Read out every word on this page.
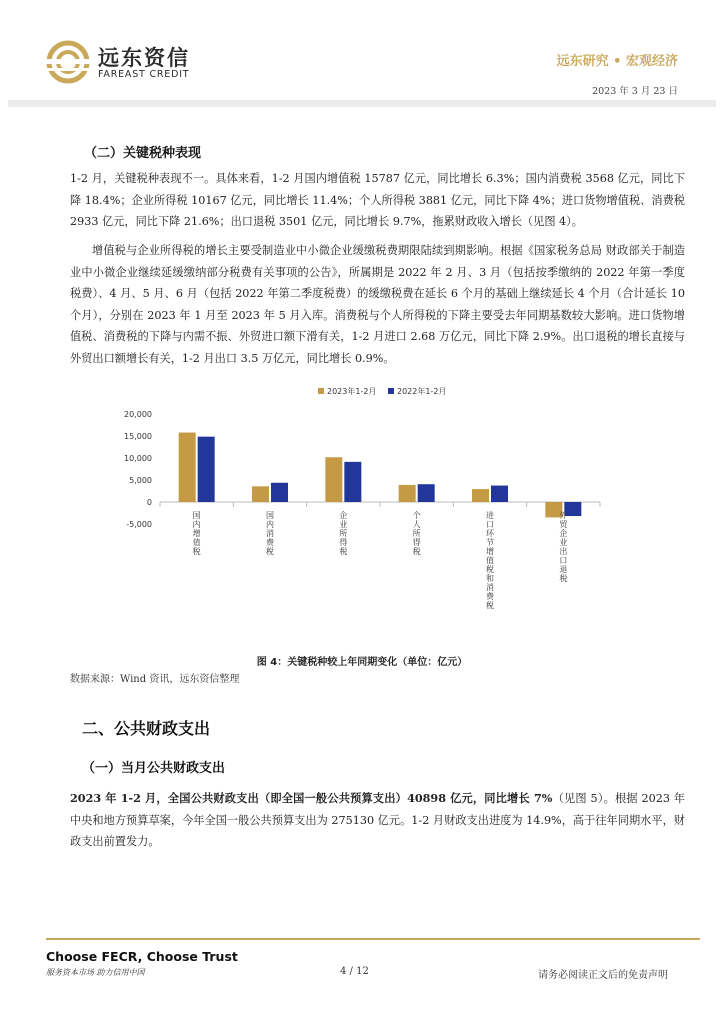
远东资信
FAREAST CREDIT
远东研究 • 宏观经济
2023 年 3 月 23 日
（二）关键税种表现
1-2 月，关键税种表现不一。具体来看，1-2 月国内增值税 15787 亿元，同比增长 6.3%；国内消费税 3568 亿元，同比下降 18.4%；企业所得税 10167 亿元，同比增长 11.4%；个人所得税 3881 亿元，同比下降 4%；进口货物增值税、消费税 2933 亿元，同比下降 21.6%；出口退税 3501 亿元，同比增长 9.7%，拖累财政收入增长（见图 4）。
增值税与企业所得税的增长主要受制造业中小微企业缓缴税费期限陆续到期影响。根据《国家税务总局 财政部关于制造业中小微企业继续延缓缴纳部分税费有关事项的公告》，所属期是 2022 年 2 月、3 月（包括按季缴纳的 2022 年第一季度税费）、4 月、5 月、6 月（包括 2022 年第二季度税费）的缓缴税费在延长 6 个月的基础上继续延长 4 个月（合计延长 10 个月），分别在 2023 年 1 月至 2023 年 5 月入库。消费税与个人所得税的下降主要受去年同期基数较大影响。进口货物增值税、消费税的下降与内需不振、外贸进口额下滑有关，1-2 月进口 2.68 万亿元，同比下降 2.9%。出口退税的增长直接与外贸出口额增长有关，1-2 月出口 3.5 万亿元，同比增长 0.9%。
2023年1-2月	2022年1-2月
-5,000
0
5,000
10,000
15,000
20,000
国内增值税
国内消费税
企业所得税
个人所得税
进口环节增值税和消费税
外贸企业出口退税
图 4：关键税种较上年同期变化（单位：亿元）
数据来源：Wind 资讯，远东资信整理
二、公共财政支出
（一）当月公共财政支出
2023 年 1-2 月，全国公共财政支出（即全国一般公共预算支出）40898 亿元，同比增长 7%（见图 5）。根据 2023 年中央和地方预算草案，今年全国一般公共预算支出为 275130 亿元。1-2 月财政支出进度为 14.9%，高于往年同期水平，财政支出前置发力。
Choose FECR, Choose Trust
服务资本市场 助力信用中国	4 / 12	请务必阅读正文后的免责声明
